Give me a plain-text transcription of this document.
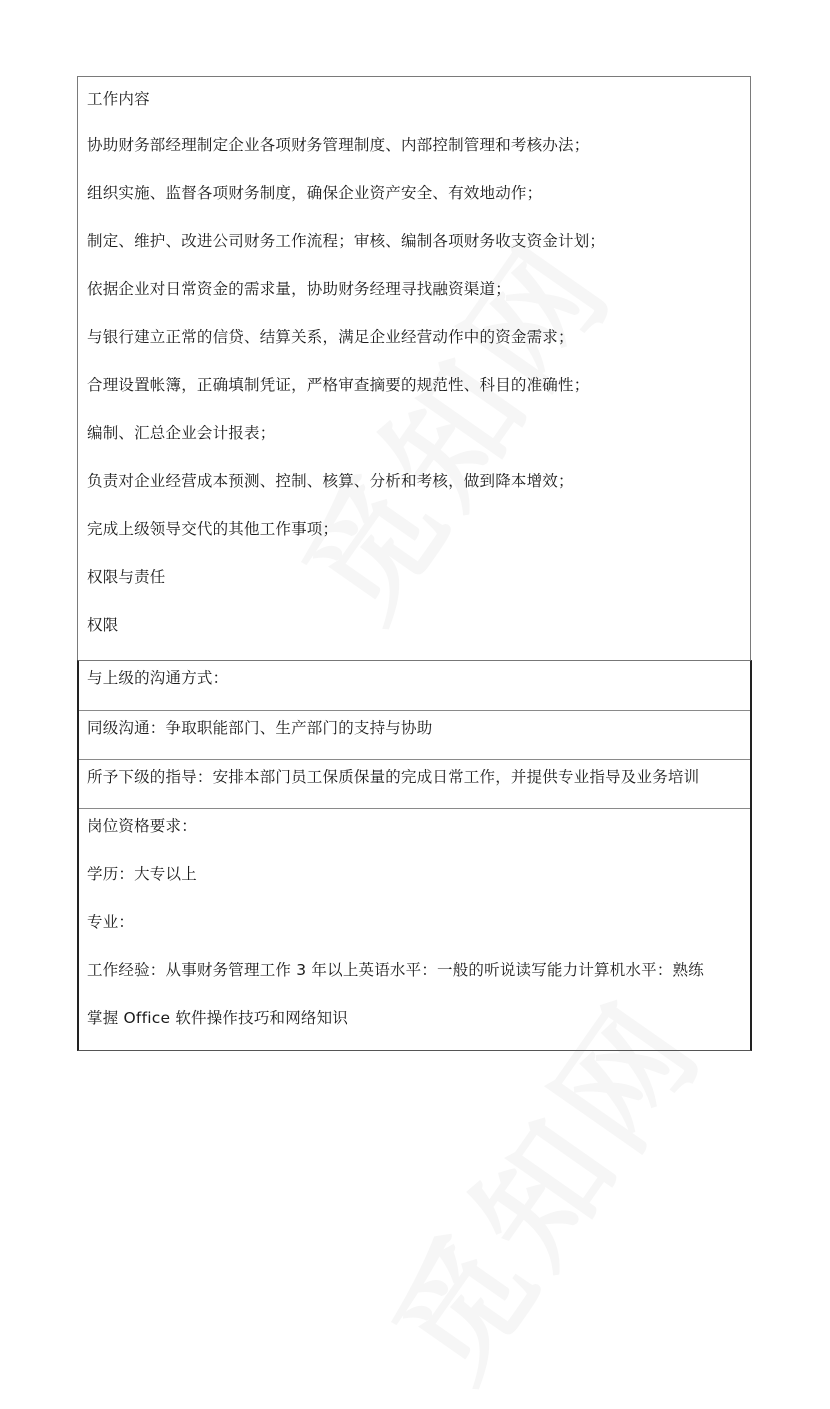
工作内容
协助财务部经理制定企业各项财务管理制度、内部控制管理和考核办法；
组织实施、监督各项财务制度，确保企业资产安全、有效地动作；
制定、维护、改进公司财务工作流程；审核、编制各项财务收支资金计划；
依据企业对日常资金的需求量，协助财务经理寻找融资渠道；
与银行建立正常的信贷、结算关系，满足企业经营动作中的资金需求；
合理设置帐簿，正确填制凭证，严格审查摘要的规范性、科目的准确性；
编制、汇总企业会计报表；
负责对企业经营成本预测、控制、核算、分析和考核，做到降本增效；
完成上级领导交代的其他工作事项；
权限与责任
权限
与上级的沟通方式：
同级沟通：争取职能部门、生产部门的支持与协助
所予下级的指导：安排本部门员工保质保量的完成日常工作，并提供专业指导及业务培训
岗位资格要求：
学历：大专以上
专业：
工作经验：从事财务管理工作 3 年以上英语水平：一般的听说读写能力计算机水平：熟练
掌握 Office 软件操作技巧和网络知识
